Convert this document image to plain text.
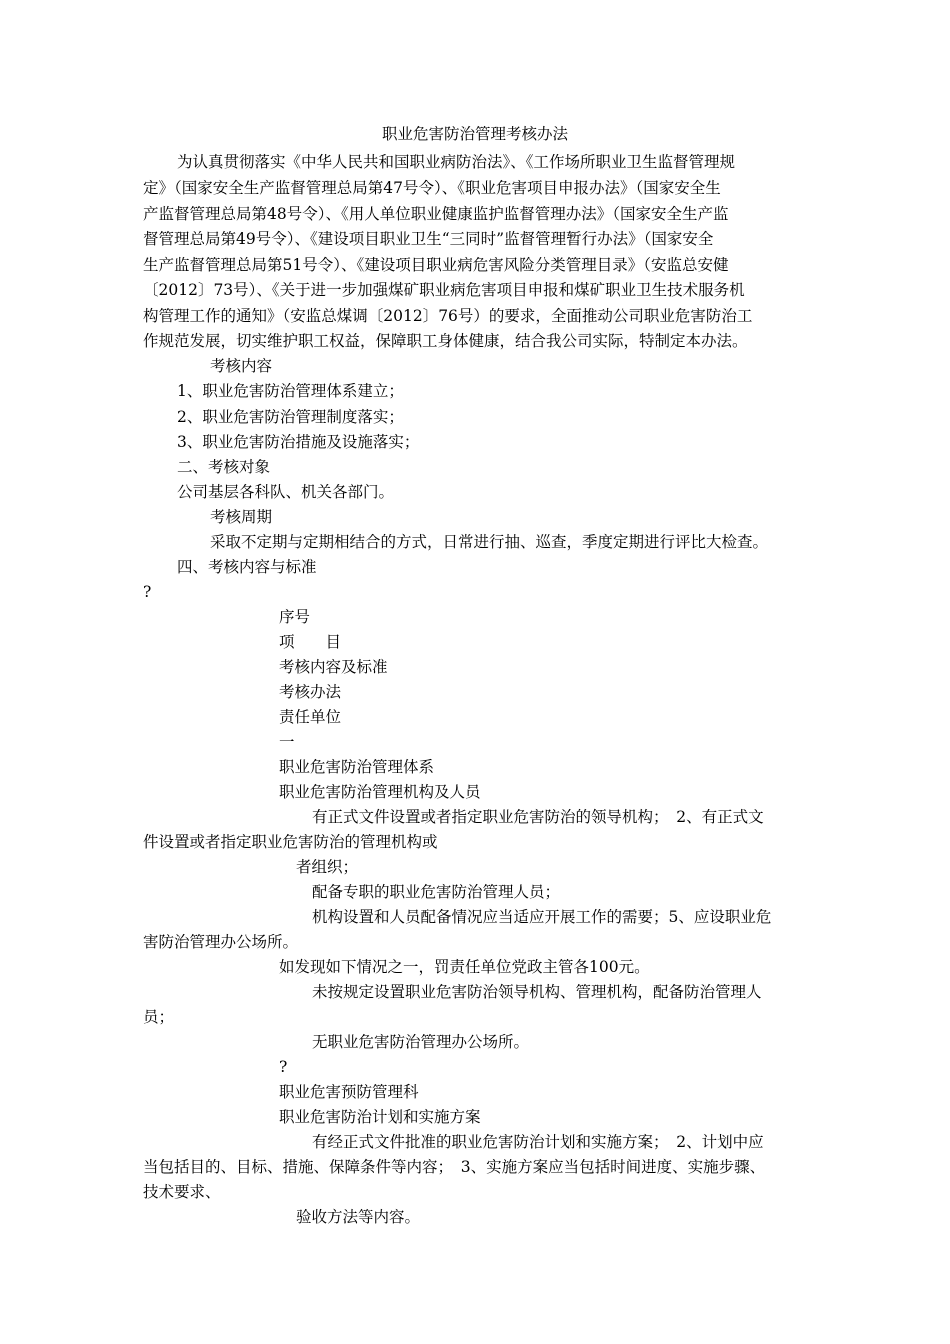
职业危害防治管理考核办法
为认真贯彻落实《中华人民共和国职业病防治法》、《工作场所职业卫生监督管理规
定》（国家安全生产监督管理总局第47号令）、《职业危害项目申报办法》（国家安全生
产监督管理总局第48号令）、《用人单位职业健康监护监督管理办法》（国家安全生产监
督管理总局第49号令）、《建设项目职业卫生“三同时”监督管理暂行办法》（国家安全
生产监督管理总局第51号令）、《建设项目职业病危害风险分类管理目录》（安监总安健
〔2012〕73号）、《关于进一步加强煤矿职业病危害项目申报和煤矿职业卫生技术服务机
构管理工作的通知》（安监总煤调〔2012〕76号）的要求，全面推动公司职业危害防治工
作规范发展，切实维护职工权益，保障职工身体健康，结合我公司实际，特制定本办法。
考核内容
1、职业危害防治管理体系建立；
2、职业危害防治管理制度落实；
3、职业危害防治措施及设施落实；
二、考核对象
公司基层各科队、机关各部门。
考核周期
采取不定期与定期相结合的方式，日常进行抽、巡查，季度定期进行评比大检查。
四、考核内容与标准
?
序号
项　　目
考核内容及标准
考核办法
责任单位
一
职业危害防治管理体系
职业危害防治管理机构及人员
有正式文件设置或者指定职业危害防治的领导机构；　2、有正式文
件设置或者指定职业危害防治的管理机构或
者组织；
配备专职的职业危害防治管理人员；
机构设置和人员配备情况应当适应开展工作的需要；5、应设职业危
害防治管理办公场所。
如发现如下情况之一，罚责任单位党政主管各100元。
未按规定设置职业危害防治领导机构、管理机构，配备防治管理人
员；
无职业危害防治管理办公场所。
?
职业危害预防管理科
职业危害防治计划和实施方案
有经正式文件批准的职业危害防治计划和实施方案；　2、计划中应
当包括目的、目标、措施、保障条件等内容；　3、实施方案应当包括时间进度、实施步骤、
技术要求、
验收方法等内容。
